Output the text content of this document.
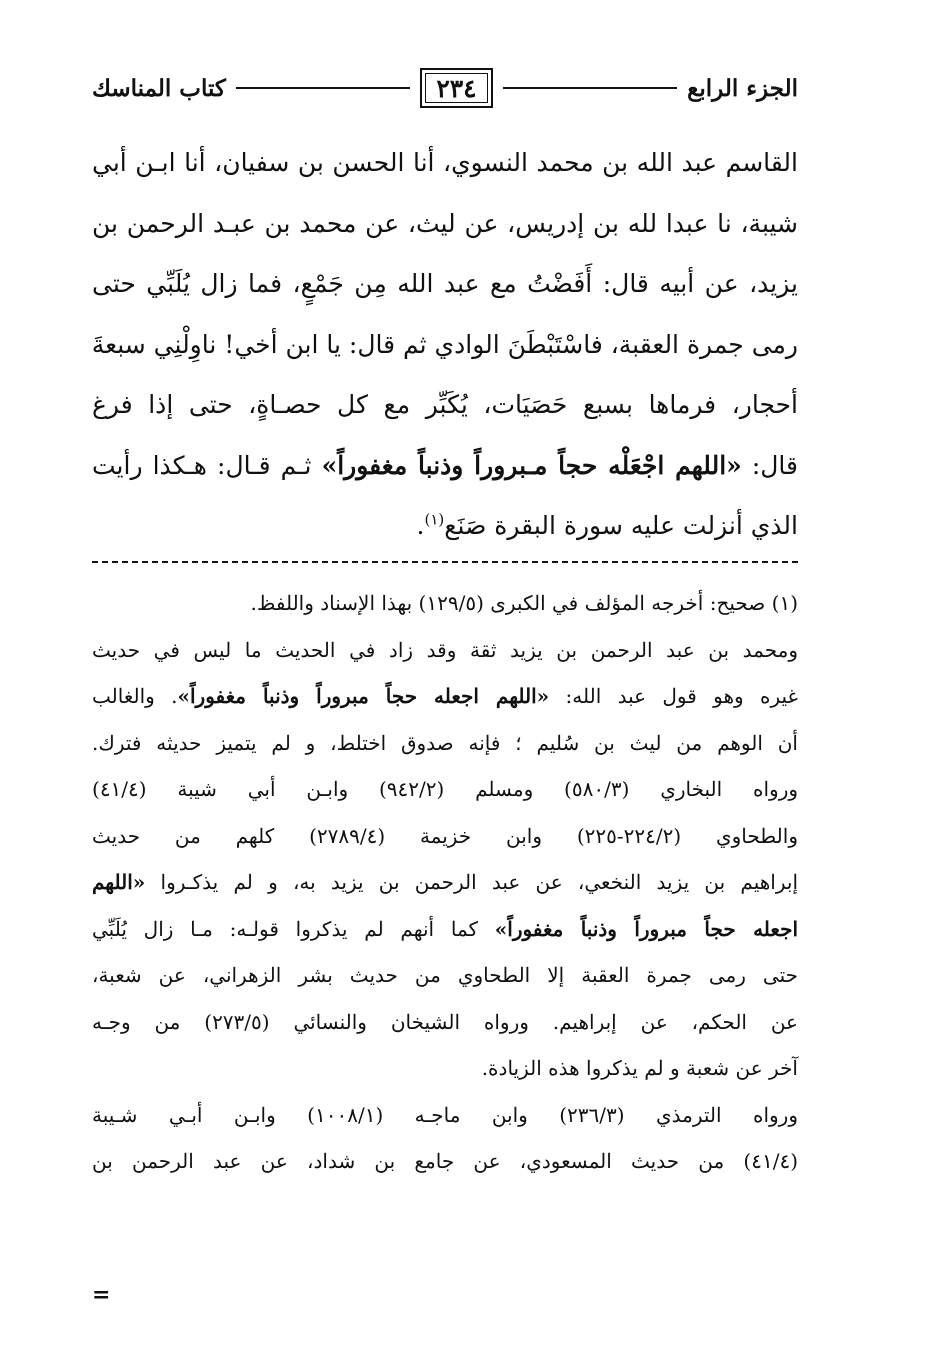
الجزء الرابع
٢٣٤
كتاب المناسك
القاسم عبد الله بن محمد النسوي، أنا الحسن بن سفيان، أنا ابـن أبي
شيبة، نا عبدا لله بن إدريس، عن ليث، عن محمد بن عبـد الرحمن بن
يزيد، عن أبيه قال: أَفَضْتُ مع عبد الله مِن جَمْعٍ، فما زال يُلَبِّي حتى
رمى جمرة العقبة، فاسْتَبْطَنَ الوادي ثم قال: يا ابن أخي! ناوِلْنِي سبعةَ
أحجار، فرماها بسبع حَصَيَات، يُكَبِّر مع كل حصـاةٍ، حتى إذا فرغ
قال: «اللهم اجْعَلْه حجاً مـبروراً وذنباً مغفوراً» ثـم قـال: هـكذا رأيت
الذي أنزلت عليه سورة البقرة صَنَع$^{(١)}$.
(١) صحيح: أخرجه المؤلف في الكبرى (١٢٩/٥) بهذا الإسناد واللفظ.
ومحمد بن عبد الرحمن بن يزيد ثقة وقد زاد في الحديث ما ليس في حديث
غيره وهو قول عبد الله: «اللهم اجعله حجاً مبروراً وذنباً مغفوراً». والغالب
أن الوهم من ليث بن سُليم ؛ فإنه صدوق اختلط، و لم يتميز حديثه فترك.
ورواه البخاري (٥٨٠/٣) ومسلم (٩٤٢/٢) وابـن أبي شيبة (٤١/٤)
والطحاوي (٢٢٤/٢-٢٢٥) وابن خزيمة (٢٧٨٩/٤) كلهم من حديث
إبراهيم بن يزيد النخعي، عن عبد الرحمن بن يزيد به، و لم يذكـروا «اللهم
اجعله حجاً مبروراً وذنباً مغفوراً» كما أنهم لم يذكروا قولـه: مـا زال يُلَبِّي
حتى رمى جمرة العقبة إلا الطحاوي من حديث بشر الزهراني، عن شعبة،
عن الحكم، عن إبراهيم. ورواه الشيخان والنسائي (٢٧٣/٥) من وجـه
آخر عن شعبة و لم يذكروا هذه الزيادة.
ورواه الترمذي (٢٣٦/٣) وابن ماجـه (١٠٠٨/١) وابـن أبـي شـيبة
(٤١/٤) من حديث المسعودي، عن جامع بن شداد، عن عبد الرحمن بن
=
